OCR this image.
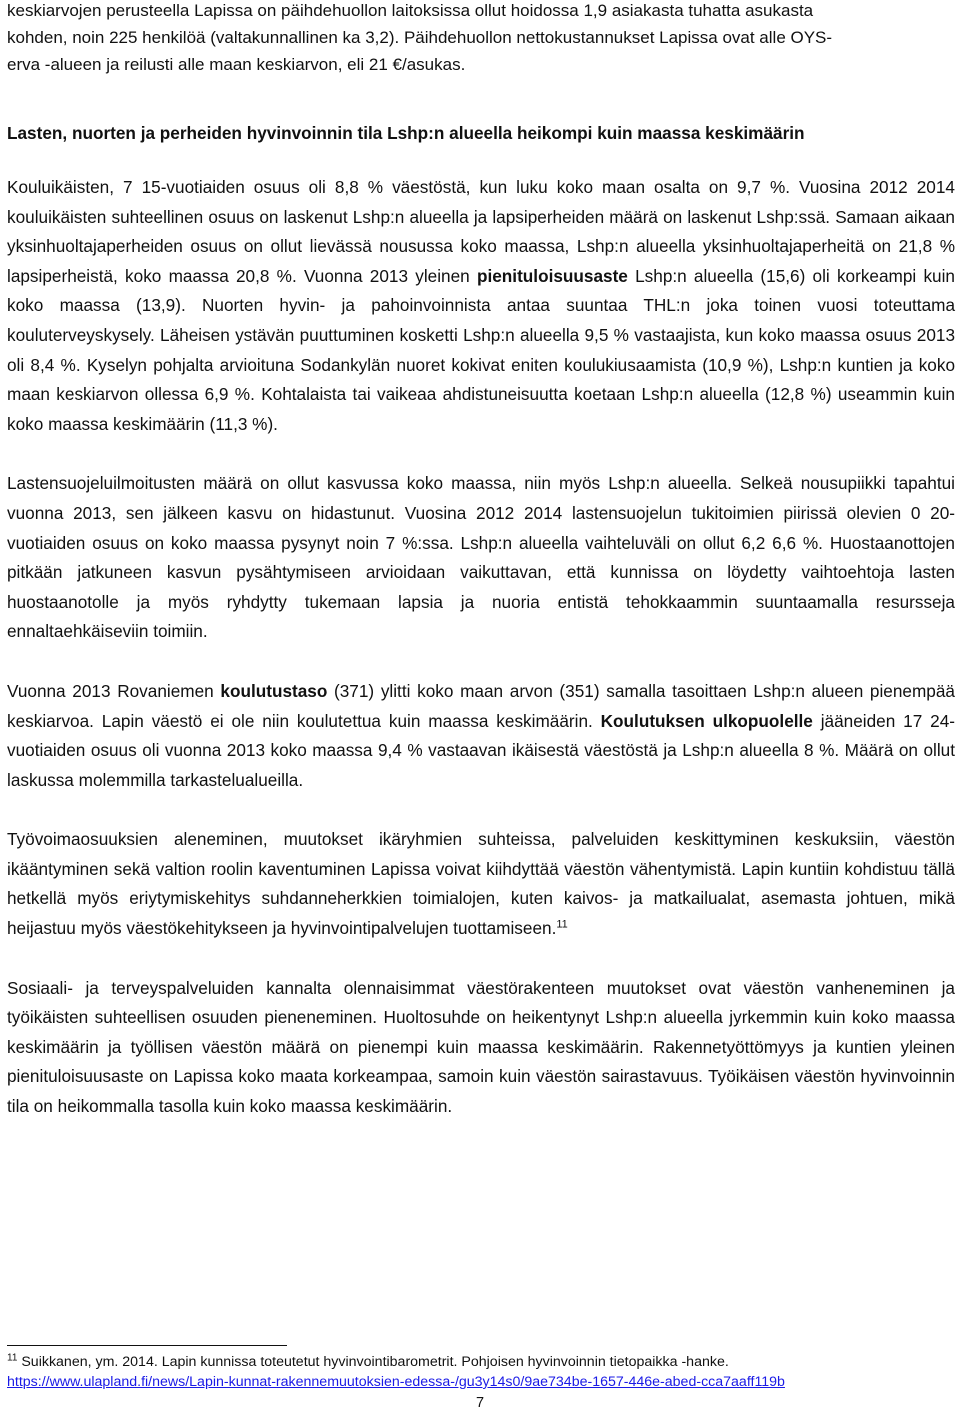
keskiarvojen perusteella Lapissa on päihdehuollon laitoksissa ollut hoidossa 1,9 asiakasta tuhatta asukasta
kohden, noin 225 henkilöä (valtakunnallinen ka 3,2). Päihdehuollon nettokustannukset Lapissa ovat alle OYS-
erva -alueen ja reilusti alle maan keskiarvon, eli 21 €/asukas.

Lasten, nuorten ja perheiden hyvinvoinnin tila Lshp:n alueella heikompi kuin maassa keskimäärin

Kouluikäisten, 7 15-vuotiaiden osuus oli 8,8 % väestöstä, kun luku koko maan osalta on 9,7 %. Vuosina 2012 2014 kouluikäisten suhteellinen osuus on laskenut Lshp:n alueella ja lapsiperheiden määrä on laskenut Lshp:ssä. Samaan aikaan yksinhuoltajaperheiden osuus on ollut lievässä nousussa koko maassa, Lshp:n alueella yksinhuoltajaperheitä on 21,8 % lapsiperheistä, koko maassa 20,8 %. Vuonna 2013 yleinen pienituloisuusaste Lshp:n alueella (15,6) oli korkeampi kuin koko maassa (13,9). Nuorten hyvin- ja pahoinvoinnista antaa suuntaa THL:n joka toinen vuosi toteuttama kouluterveyskysely. Läheisen ystävän puuttuminen kosketti Lshp:n alueella 9,5 % vastaajista, kun koko maassa osuus 2013 oli 8,4 %. Kyselyn pohjalta arvioituna Sodankylän nuoret kokivat eniten koulukiusaamista (10,9 %), Lshp:n kuntien ja koko maan keskiarvon ollessa 6,9 %. Kohtalaista tai vaikeaa ahdistuneisuutta koetaan Lshp:n alueella (12,8 %) useammin kuin koko maassa keskimäärin (11,3 %).

Lastensuojeluilmoitusten määrä on ollut kasvussa koko maassa, niin myös Lshp:n alueella. Selkeä nousupiikki tapahtui vuonna 2013, sen jälkeen kasvu on hidastunut. Vuosina 2012 2014 lastensuojelun tukitoimien piirissä olevien 0 20-vuotiaiden osuus on koko maassa pysynyt noin 7 %:ssa. Lshp:n alueella vaihteluväli on ollut 6,2 6,6 %. Huostaanottojen pitkään jatkuneen kasvun pysähtymiseen arvioidaan vaikuttavan, että kunnissa on löydetty vaihtoehtoja lasten huostaanotolle ja myös ryhdytty tukemaan lapsia ja nuoria entistä tehokkaammin suuntaamalla resursseja ennaltaehkäiseviin toimiin.

Vuonna 2013 Rovaniemen koulutustaso (371) ylitti koko maan arvon (351) samalla tasoittaen Lshp:n alueen pienempää keskiarvoa. Lapin väestö ei ole niin koulutettua kuin maassa keskimäärin. Koulutuksen ulkopuolelle jääneiden 17 24-vuotiaiden osuus oli vuonna 2013 koko maassa 9,4 % vastaavan ikäisestä väestöstä ja Lshp:n alueella 8 %. Määrä on ollut laskussa molemmilla tarkastelualueilla.

Työvoimaosuuksien aleneminen, muutokset ikäryhmien suhteissa, palveluiden keskittyminen keskuksiin, väestön ikääntyminen sekä valtion roolin kaventuminen Lapissa voivat kiihdyttää väestön vähentymistä. Lapin kuntiin kohdistuu tällä hetkellä myös eriytymiskehitys suhdanneherkkien toimialojen, kuten kaivos- ja matkailualat, asemasta johtuen, mikä heijastuu myös väestökehitykseen ja hyvinvointipalvelujen tuottamiseen.$^{11}$

Sosiaali- ja terveyspalveluiden kannalta olennaisimmat väestörakenteen muutokset ovat väestön vanheneminen ja työikäisten suhteellisen osuuden pieneneminen. Huoltosuhde on heikentynyt Lshp:n alueella jyrkemmin kuin koko maassa keskimäärin ja työllisen väestön määrä on pienempi kuin maassa keskimäärin. Rakennetyöttömyys ja kuntien yleinen pienituloisuusaste on Lapissa koko maata korkeampaa, samoin kuin väestön sairastavuus. Työikäisen väestön hyvinvoinnin tila on heikommalla tasolla kuin koko maassa keskimäärin.

$^{11}$ Suikkanen, ym. 2014. Lapin kunnissa toteutetut hyvinvointibarometrit. Pohjoisen hyvinvoinnin tietopaikka -hanke.
https://www.ulapland.fi/news/Lapin-kunnat-rakennemuutoksien-edessa-/gu3y14s0/9ae734be-1657-446e-abed-cca7aaff119b
7
